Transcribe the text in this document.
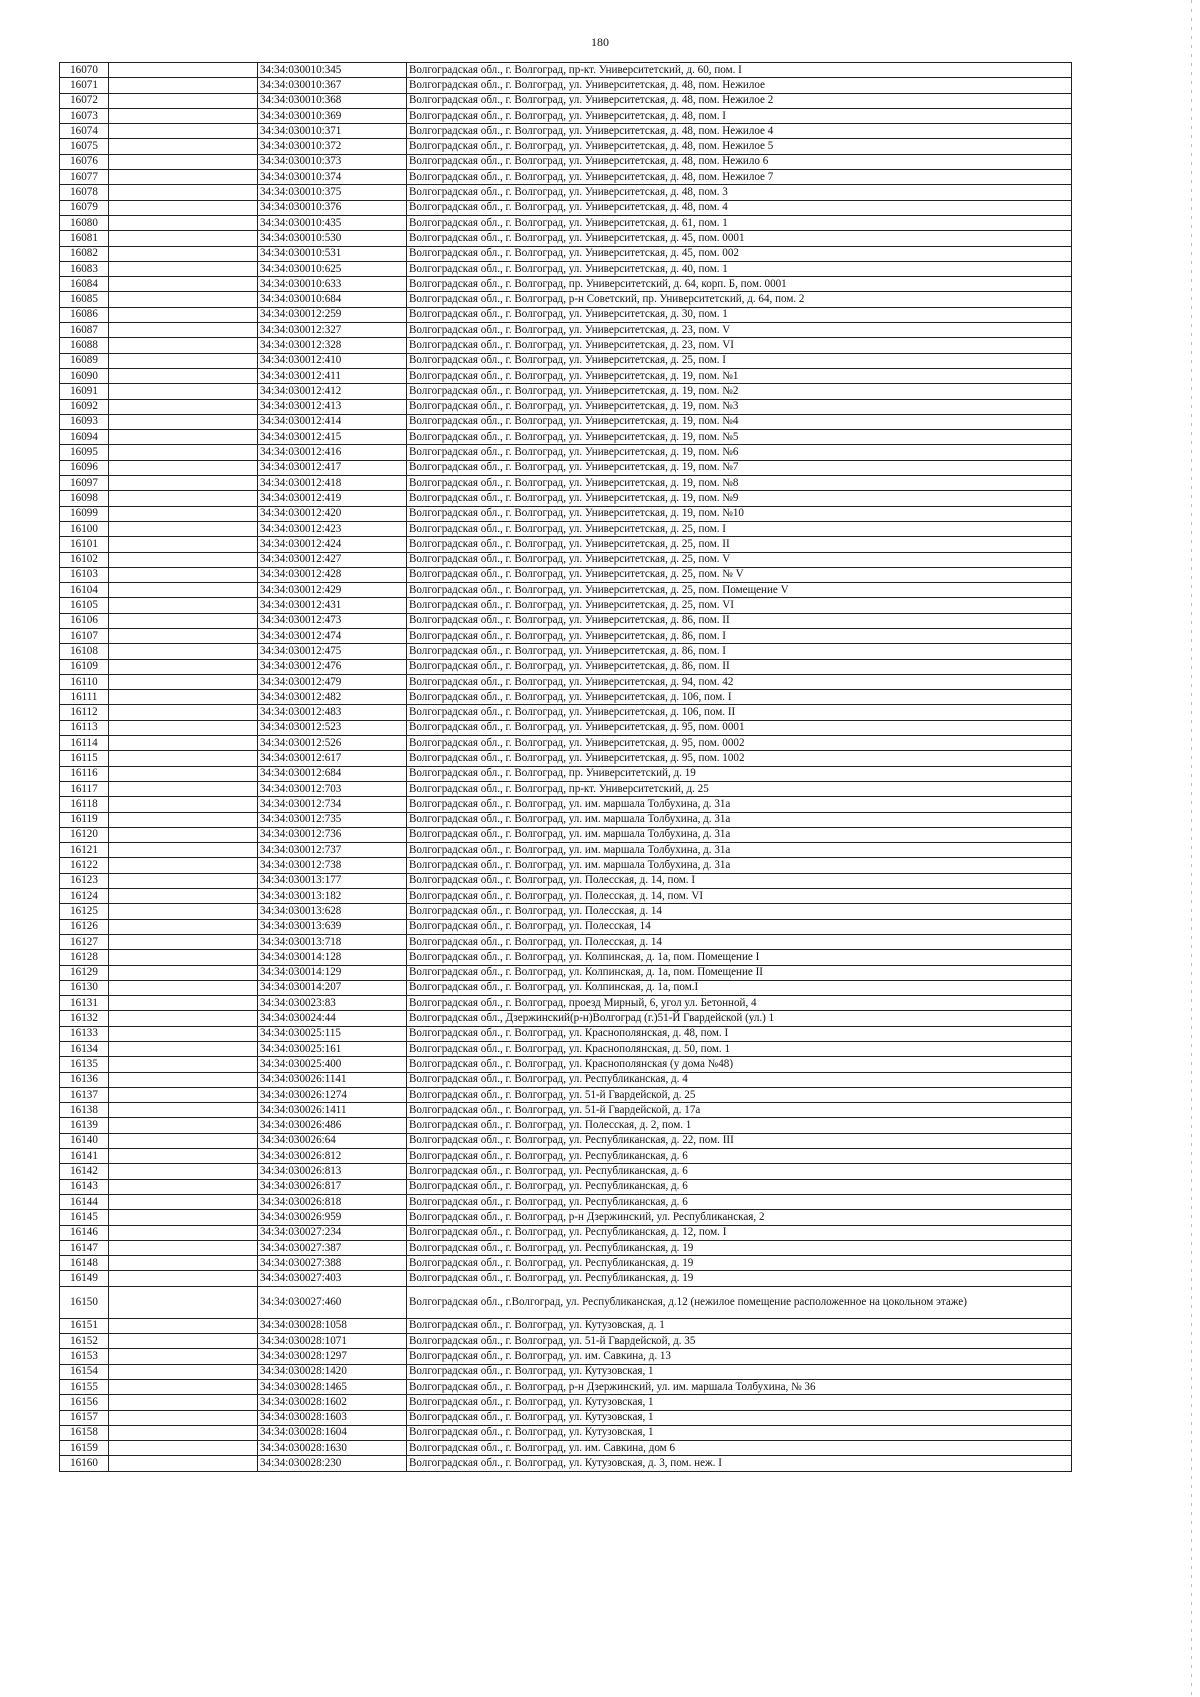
180
16070		34:34:030010:345	Волгоградская обл., г. Волгоград, пр-кт. Университетский, д. 60, пом. I
16071		34:34:030010:367	Волгоградская обл., г. Волгоград, ул. Университетская, д. 48, пом. Нежилое
16072		34:34:030010:368	Волгоградская обл., г. Волгоград, ул. Университетская, д. 48, пом. Нежилое 2
16073		34:34:030010:369	Волгоградская обл., г. Волгоград, ул. Университетская, д. 48, пом. I
16074		34:34:030010:371	Волгоградская обл., г. Волгоград, ул. Университетская, д. 48, пом. Нежилое 4
16075		34:34:030010:372	Волгоградская обл., г. Волгоград, ул. Университетская, д. 48, пом. Нежилое 5
16076		34:34:030010:373	Волгоградская обл., г. Волгоград, ул. Университетская, д. 48, пом. Нежило 6
16077		34:34:030010:374	Волгоградская обл., г. Волгоград, ул. Университетская, д. 48, пом. Нежилое 7
16078		34:34:030010:375	Волгоградская обл., г. Волгоград, ул. Университетская, д. 48, пом. 3
16079		34:34:030010:376	Волгоградская обл., г. Волгоград, ул. Университетская, д. 48, пом. 4
16080		34:34:030010:435	Волгоградская обл., г. Волгоград, ул. Университетская, д. 61, пом. 1
16081		34:34:030010:530	Волгоградская обл., г. Волгоград, ул. Университетская, д. 45, пом. 0001
16082		34:34:030010:531	Волгоградская обл., г. Волгоград, ул. Университетская, д. 45, пом. 002
16083		34:34:030010:625	Волгоградская обл., г. Волгоград, ул. Университетская, д. 40, пом. 1
16084		34:34:030010:633	Волгоградская обл., г. Волгоград, пр. Университетский, д. 64, корп. Б, пом. 0001
16085		34:34:030010:684	Волгоградская обл., г. Волгоград, р-н Советский, пр. Университетский, д. 64, пом. 2
16086		34:34:030012:259	Волгоградская обл., г. Волгоград, ул. Университетская, д. 30, пом. 1
16087		34:34:030012:327	Волгоградская обл., г. Волгоград, ул. Университетская, д. 23, пом. V
16088		34:34:030012:328	Волгоградская обл., г. Волгоград, ул. Университетская, д. 23, пом. VI
16089		34:34:030012:410	Волгоградская обл., г. Волгоград, ул. Университетская, д. 25, пом. I
16090		34:34:030012:411	Волгоградская обл., г. Волгоград, ул. Университетская, д. 19, пом. №1
16091		34:34:030012:412	Волгоградская обл., г. Волгоград, ул. Университетская, д. 19, пом. №2
16092		34:34:030012:413	Волгоградская обл., г. Волгоград, ул. Университетская, д. 19, пом. №3
16093		34:34:030012:414	Волгоградская обл., г. Волгоград, ул. Университетская, д. 19, пом. №4
16094		34:34:030012:415	Волгоградская обл., г. Волгоград, ул. Университетская, д. 19, пом. №5
16095		34:34:030012:416	Волгоградская обл., г. Волгоград, ул. Университетская, д. 19, пом. №6
16096		34:34:030012:417	Волгоградская обл., г. Волгоград, ул. Университетская, д. 19, пом. №7
16097		34:34:030012:418	Волгоградская обл., г. Волгоград, ул. Университетская, д. 19, пом. №8
16098		34:34:030012:419	Волгоградская обл., г. Волгоград, ул. Университетская, д. 19, пом. №9
16099		34:34:030012:420	Волгоградская обл., г. Волгоград, ул. Университетская, д. 19, пом. №10
16100		34:34:030012:423	Волгоградская обл., г. Волгоград, ул. Университетская, д. 25, пом. I
16101		34:34:030012:424	Волгоградская обл., г. Волгоград, ул. Университетская, д. 25, пом. II
16102		34:34:030012:427	Волгоградская обл., г. Волгоград, ул. Университетская, д. 25, пом. V
16103		34:34:030012:428	Волгоградская обл., г. Волгоград, ул. Университетская, д. 25, пом. № V
16104		34:34:030012:429	Волгоградская обл., г. Волгоград, ул. Университетская, д. 25, пом. Помещение V
16105		34:34:030012:431	Волгоградская обл., г. Волгоград, ул. Университетская, д. 25, пом. VI
16106		34:34:030012:473	Волгоградская обл., г. Волгоград, ул. Университетская, д. 86, пом. II
16107		34:34:030012:474	Волгоградская обл., г. Волгоград, ул. Университетская, д. 86, пом. I
16108		34:34:030012:475	Волгоградская обл., г. Волгоград, ул. Университетская, д. 86, пом. I
16109		34:34:030012:476	Волгоградская обл., г. Волгоград, ул. Университетская, д. 86, пом. II
16110		34:34:030012:479	Волгоградская обл., г. Волгоград, ул. Университетская, д. 94, пом. 42
16111		34:34:030012:482	Волгоградская обл., г. Волгоград, ул. Университетская, д. 106, пом. I
16112		34:34:030012:483	Волгоградская обл., г. Волгоград, ул. Университетская, д. 106, пом. II
16113		34:34:030012:523	Волгоградская обл., г. Волгоград, ул. Университетская, д. 95, пом. 0001
16114		34:34:030012:526	Волгоградская обл., г. Волгоград, ул. Университетская, д. 95, пом. 0002
16115		34:34:030012:617	Волгоградская обл., г. Волгоград, ул. Университетская, д. 95, пом. 1002
16116		34:34:030012:684	Волгоградская обл., г. Волгоград, пр. Университетский, д. 19
16117		34:34:030012:703	Волгоградская обл., г. Волгоград, пр-кт. Университетский, д. 25
16118		34:34:030012:734	Волгоградская обл., г. Волгоград, ул. им. маршала Толбухина, д. 31а
16119		34:34:030012:735	Волгоградская обл., г. Волгоград, ул. им. маршала Толбухина, д. 31а
16120		34:34:030012:736	Волгоградская обл., г. Волгоград, ул. им. маршала Толбухина, д. 31а
16121		34:34:030012:737	Волгоградская обл., г. Волгоград, ул. им. маршала Толбухина, д. 31а
16122		34:34:030012:738	Волгоградская обл., г. Волгоград, ул. им. маршала Толбухина, д. 31а
16123		34:34:030013:177	Волгоградская обл., г. Волгоград, ул. Полесская, д. 14, пом. I
16124		34:34:030013:182	Волгоградская обл., г. Волгоград, ул. Полесская, д. 14, пом. VI
16125		34:34:030013:628	Волгоградская обл., г. Волгоград, ул. Полесская, д. 14
16126		34:34:030013:639	Волгоградская обл., г. Волгоград, ул. Полесская, 14
16127		34:34:030013:718	Волгоградская обл., г. Волгоград, ул. Полесская, д. 14
16128		34:34:030014:128	Волгоградская обл., г. Волгоград, ул. Колпинская, д. 1а, пом. Помещение I
16129		34:34:030014:129	Волгоградская обл., г. Волгоград, ул. Колпинская, д. 1а, пом. Помещение II
16130		34:34:030014:207	Волгоградская обл., г. Волгоград, ул. Колпинская, д. 1а, пом.I
16131		34:34:030023:83	Волгоградская обл., г. Волгоград, проезд Мирный, 6, угол ул. Бетонной, 4
16132		34:34:030024:44	Волгоградская обл., Дзержинский(р-н)Волгоград (г.)51-Й Гвардейской (ул.) 1
16133		34:34:030025:115	Волгоградская обл., г. Волгоград, ул. Краснополянская, д. 48, пом. I
16134		34:34:030025:161	Волгоградская обл., г. Волгоград, ул. Краснополянская, д. 50, пом. 1
16135		34:34:030025:400	Волгоградская обл., г. Волгоград, ул. Краснополянская (у дома №48)
16136		34:34:030026:1141	Волгоградская обл., г. Волгоград, ул. Республиканская, д. 4
16137		34:34:030026:1274	Волгоградская обл., г. Волгоград, ул. 51-й Гвардейской, д. 25
16138		34:34:030026:1411	Волгоградская обл., г. Волгоград, ул. 51-й Гвардейской, д. 17а
16139		34:34:030026:486	Волгоградская обл., г. Волгоград, ул. Полесская, д. 2, пом. 1
16140		34:34:030026:64	Волгоградская обл., г. Волгоград, ул. Республиканская, д. 22, пом. III
16141		34:34:030026:812	Волгоградская обл., г. Волгоград, ул. Республиканская, д. 6
16142		34:34:030026:813	Волгоградская обл., г. Волгоград, ул. Республиканская, д. 6
16143		34:34:030026:817	Волгоградская обл., г. Волгоград, ул. Республиканская, д. 6
16144		34:34:030026:818	Волгоградская обл., г. Волгоград, ул. Республиканская, д. 6
16145		34:34:030026:959	Волгоградская обл., г. Волгоград, р-н Дзержинский, ул. Республиканская, 2
16146		34:34:030027:234	Волгоградская обл., г. Волгоград, ул. Республиканская, д. 12, пом. I
16147		34:34:030027:387	Волгоградская обл., г. Волгоград, ул. Республиканская, д. 19
16148		34:34:030027:388	Волгоградская обл., г. Волгоград, ул. Республиканская, д. 19
16149		34:34:030027:403	Волгоградская обл., г. Волгоград, ул. Республиканская, д. 19
16150		34:34:030027:460	Волгоградская обл., г.Волгоград, ул. Республиканская, д.12 (нежилое помещение расположенное на цокольном этаже)
16151		34:34:030028:1058	Волгоградская обл., г. Волгоград, ул. Кутузовская, д. 1
16152		34:34:030028:1071	Волгоградская обл., г. Волгоград, ул. 51-й Гвардейской, д. 35
16153		34:34:030028:1297	Волгоградская обл., г. Волгоград, ул. им. Савкина, д. 13
16154		34:34:030028:1420	Волгоградская обл., г. Волгоград, ул. Кутузовская, 1
16155		34:34:030028:1465	Волгоградская обл., г. Волгоград, р-н Дзержинский, ул. им. маршала Толбухина, № 36
16156		34:34:030028:1602	Волгоградская обл., г. Волгоград, ул. Кутузовская, 1
16157		34:34:030028:1603	Волгоградская обл., г. Волгоград, ул. Кутузовская, 1
16158		34:34:030028:1604	Волгоградская обл., г. Волгоград, ул. Кутузовская, 1
16159		34:34:030028:1630	Волгоградская обл., г. Волгоград, ул. им. Савкина, дом 6
16160		34:34:030028:230	Волгоградская обл., г. Волгоград, ул. Кутузовская, д. 3, пом. неж. I
